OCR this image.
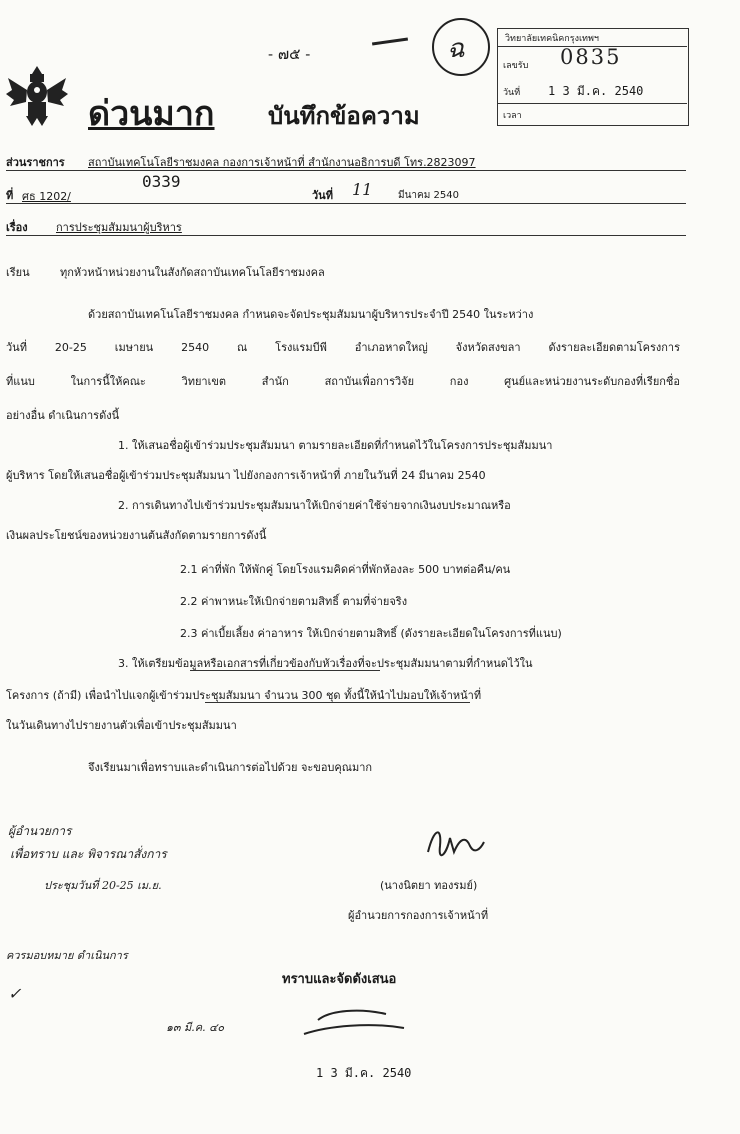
- ๗๕ -	ฉ
ด่วนมาก บันทึกข้อความ
วิทยาลัยเทคนิคกรุงเทพฯ
เลขรับ 0835
วันที่ 1 3 มี.ค. 2540
เวลา
ส่วนราชการ สถาบันเทคโนโลยีราชมงคล กองการเจ้าหน้าที่ สำนักงานอธิการบดี โทร.2823097
ที่ ศธ 1202/
0339
วันที่ 11	มีนาคม 2540
เรื่อง	การประชุมสัมมนาผู้บริหาร
เรียน	ทุกหัวหน้าหน่วยงานในสังกัดสถาบันเทคโนโลยีราชมงคล
ด้วยสถาบันเทคโนโลยีราชมงคล กำหนดจะจัดประชุมสัมมนาผู้บริหารประจำปี 2540 ในระหว่าง
วันที่ 20-25 เมษายน 2540 ณ โรงแรมบีพี อำเภอหาดใหญ่ จังหวัดสงขลา ดังรายละเอียดตามโครงการ
ที่แนบ ในการนี้ให้คณะ วิทยาเขต สำนัก สถาบันเพื่อการวิจัย กอง ศูนย์และหน่วยงานระดับกองที่เรียกชื่อ
อย่างอื่น ดำเนินการดังนี้
1. ให้เสนอชื่อผู้เข้าร่วมประชุมสัมมนา ตามรายละเอียดที่กำหนดไว้ในโครงการประชุมสัมมนา
ผู้บริหาร โดยให้เสนอชื่อผู้เข้าร่วมประชุมสัมมนา ไปยังกองการเจ้าหน้าที่ ภายในวันที่ 24 มีนาคม 2540
2. การเดินทางไปเข้าร่วมประชุมสัมมนาให้เบิกจ่ายค่าใช้จ่ายจากเงินงบประมาณหรือ
เงินผลประโยชน์ของหน่วยงานต้นสังกัดตามรายการดังนี้
2.1 ค่าที่พัก ให้พักคู่ โดยโรงแรมคิดค่าที่พักห้องละ 500 บาทต่อคืน/คน
2.2 ค่าพาหนะให้เบิกจ่ายตามสิทธิ์ ตามที่จ่ายจริง
2.3 ค่าเบี้ยเลี้ยง ค่าอาหาร ให้เบิกจ่ายตามสิทธิ์ (ดังรายละเอียดในโครงการที่แนบ)
3. ให้เตรียมข้อมูลหรือเอกสารที่เกี่ยวข้องกับหัวเรื่องที่จะประชุมสัมมนาตามที่กำหนดไว้ใน
โครงการ (ถ้ามี) เพื่อนำไปแจกผู้เข้าร่วมประชุมสัมมนา จำนวน 300 ชุด ทั้งนี้ให้นำไปมอบให้เจ้าหน้าที่
ในวันเดินทางไปรายงานตัวเพื่อเข้าประชุมสัมมนา
จึงเรียนมาเพื่อทราบและดำเนินการต่อไปด้วย จะขอบคุณมาก
ผู้อำนวยการ
เพื่อทราบ และ พิจารณาสั่งการ
ประชุมวันที่ 20-25 เม.ย.
ควรมอบหมาย ดำเนินการ
✓
(นางนิตยา ทองรมย์)
ผู้อำนวยการกองการเจ้าหน้าที่
ทราบและจัดดังเสนอ
๑๓ มี.ค. ๔๐
1 3 มี.ค. 2540
